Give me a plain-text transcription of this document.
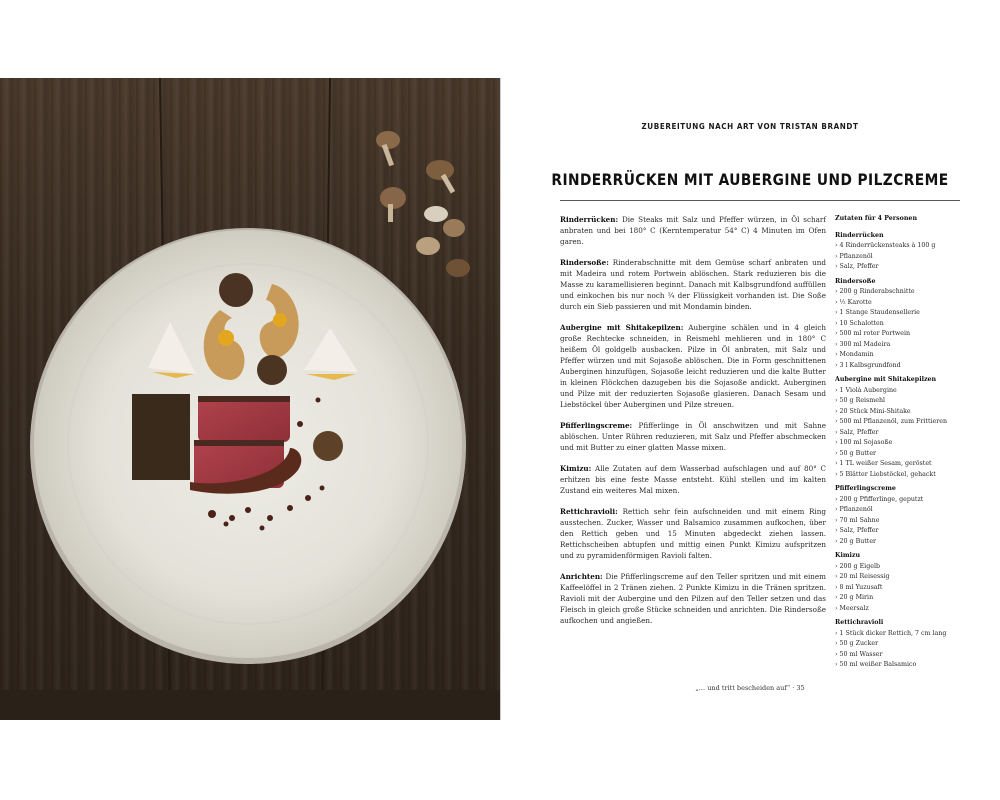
ZUBEREITUNG NACH ART VON TRISTAN BRANDT
RINDERRÜCKEN MIT AUBERGINE UND PILZCREME

Rinderrücken: Die Steaks mit Salz und Pfeffer würzen, in Öl scharf anbraten und bei 180° C (Kerntemperatur 54° C) 4 Minuten im Ofen garen.

Rindersoße: Rinderabschnitte mit dem Gemüse scharf anbraten und mit Madeira und rotem Portwein ablöschen. Stark reduzieren bis die Masse zu karamellisieren beginnt. Danach mit Kalbsgrundfond auffüllen und einkochen bis nur noch ¼ der Flüssigkeit vorhanden ist. Die Soße durch ein Sieb passieren und mit Mondamin binden.

Aubergine mit Shitakepilzen: Aubergine schälen und in 4 gleich große Rechtecke schneiden, in Reismehl mehlieren und in 180° C heißem Öl goldgelb ausbacken. Pilze in Öl anbraten, mit Salz und Pfeffer würzen und mit Sojasoße ablöschen. Die in Form geschnittenen Auberginen hinzufügen, Sojasoße leicht reduzieren und die kalte Butter in kleinen Flöckchen dazugeben bis die Sojasoße andickt. Auberginen und Pilze mit der reduzierten Sojasoße glasieren. Danach Sesam und Liebstöckel über Auberginen und Pilze streuen.

Pfifferlingscreme: Pfifferlinge in Öl anschwitzen und mit Sahne ablöschen. Unter Rühren reduzieren, mit Salz und Pfeffer abschmecken und mit Butter zu einer glatten Masse mixen.

Kimizu: Alle Zutaten auf dem Wasserbad aufschlagen und auf 80° C erhitzen bis eine feste Masse entsteht. Kühl stellen und im kalten Zustand ein weiteres Mal mixen.

Rettichravioli: Rettich sehr fein aufschneiden und mit einem Ring ausstechen. Zucker, Wasser und Balsamico zusammen aufkochen, über den Rettich geben und 15 Minuten abgedeckt ziehen lassen. Rettichscheiben abtupfen und mittig einen Punkt Kimizu aufspritzen und zu pyramidenförmigen Ravioli falten.

Anrichten: Die Pfifferlingscreme auf den Teller spritzen und mit einem Kaffeelöffel in 2 Tränen ziehen. 2 Punkte Kimizu in die Tränen spritzen. Ravioli mit der Aubergine und den Pilzen auf den Teller setzen und das Fleisch in gleich große Stücke schneiden und anrichten. Die Rindersoße aufkochen und angießen.

Zutaten für 4 Personen
Rinderrücken
› 4 Rinderrückensteaks à 100 g
› Pflanzenöl
› Salz, Pfeffer
Rindersoße
› 200 g Rinderabschnitte
› ½ Karotte
› 1 Stange Staudensellerie
› 10 Schalotten
› 500 ml roter Portwein
› 300 ml Madeira
› Mondamin
› 3 l Kalbsgrundfond
Aubergine mit Shitakepilzen
› 1 Violà Aubergine
› 50 g Reismehl
› 20 Stück Mini-Shitake
› 500 ml Pflanzenöl, zum Frittieren
› Salz, Pfeffer
› 100 ml Sojasoße
› 50 g Butter
› 1 TL weißer Sesam, geröstet
› 5 Blätter Liebstöckel, gehackt
Pfifferlingscreme
› 200 g Pfifferlinge, geputzt
› Pflanzenöl
› 70 ml Sahne
› Salz, Pfeffer
› 20 g Butter
Kimizu
› 200 g Eigelb
› 20 ml Reisessig
› 8 ml Yuzusaft
› 20 g Mirin
› Meersalz
Rettichravioli
› 1 Stück dicker Rettich, 7 cm lang
› 50 g Zucker
› 50 ml Wasser
› 50 ml weißer Balsamico
„… und tritt bescheiden auf“ · 35
